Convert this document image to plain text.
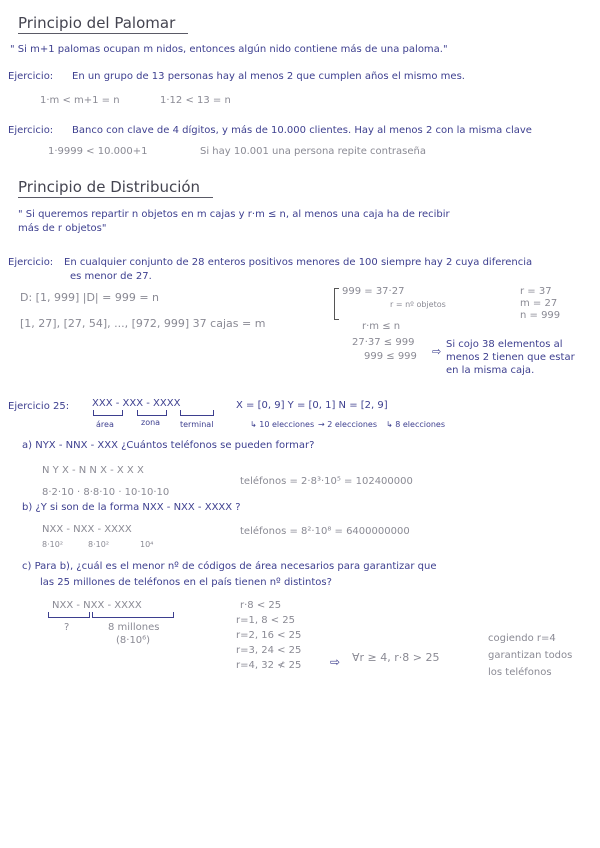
Principio del Palomar
" Si m+1 palomas ocupan m nidos, entonces algún nido contiene más de una paloma."
Ejercicio: En un grupo de 13 personas hay al menos 2 que cumplen años el mismo mes.
1·m < m+1 = n	1·12 < 13 = n
Ejercicio: Banco con clave de 4 dígitos, y más de 10.000 clientes. Hay al menos 2 con la misma clave
1·9999 < 10.000+1	Si hay 10.001 una persona repite contraseña
Principio de Distribución
" Si queremos repartir n objetos en m cajas y r·m ≤ n, al menos una caja ha de recibir
más de r objetos"
Ejercicio: En cualquier conjunto de 28 enteros positivos menores de 100 siempre hay 2 cuya diferencia
es menor de 27.
D: [1, 999] |D| = 999 = n
[1, 27], [27, 54], ..., [972, 999] 37 cajas = m
999 = 37·27
r = nº objetos
r = 37
m = 27
n = 999
r·m ≤ n
27·37 ≤ 999
999 ≤ 999 ⇨
Si cojo 38 elementos al
menos 2 tienen que estar
en la misma caja.
Ejercicio 25: XXX - XXX - XXXX
área	zona terminal
X = [0, 9] Y = [0, 1] N = [2, 9]
↳ 10 elecciones → 2 elecciones ↳ 8 elecciones
a) NYX - NNX - XXX ¿Cuántos teléfonos se pueden formar?
N Y X - N N X - X X X
8·2·10 · 8·8·10 · 10·10·10
teléfonos = 2·8³·10⁵ = 102400000
b) ¿Y si son de la forma NXX - NXX - XXXX ?
NXX - NXX - XXXX
8·10²	8·10²	10⁴
teléfonos = 8²·10⁸ = 6400000000
c) Para b), ¿cuál es el menor nº de códigos de área necesarios para garantizar que
las 25 millones de teléfonos en el país tienen nº distintos?
NXX - NXX - XXXX
?	8 millones
(8·10⁶)
r·8 < 25
r=1, 8 < 25
r=2, 16 < 25
r=3, 24 < 25
r=4, 32 ≮ 25 ⇨ ∀r ≥ 4, r·8 > 25
cogiendo r=4
garantizan todos
los teléfonos
